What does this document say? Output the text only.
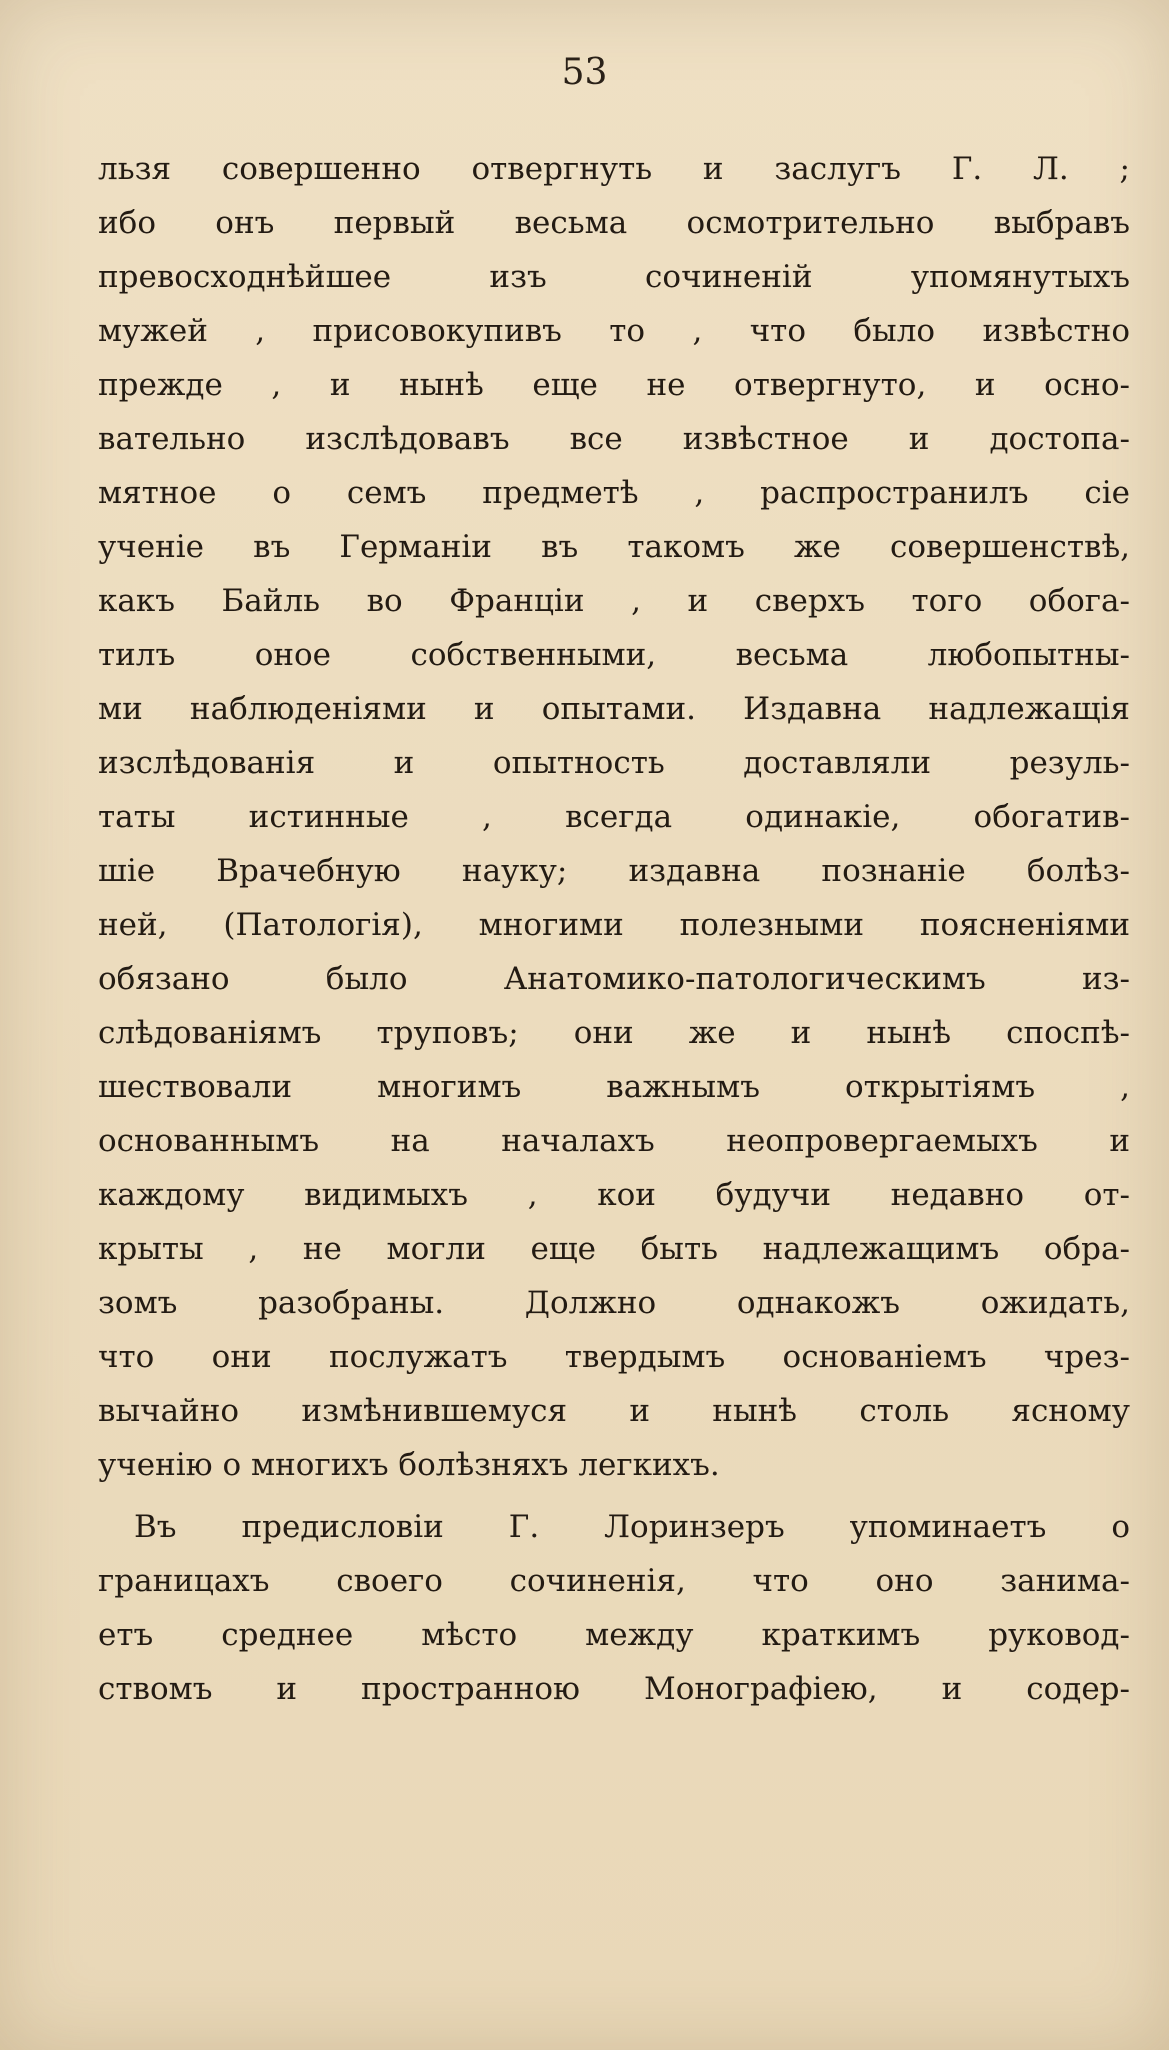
53
льзя совершенно отвергнуть и заслугъ Г. Л. ;
ибо онъ первый весьма осмотрительно выбравъ
превосходнѣйшее изъ сочиненій упомянутыхъ
мужей , присовокупивъ то , что было извѣстно
прежде , и нынѣ еще не отвергнуто, и осно-
вательно изслѣдовавъ все извѣстное и достопа-
мятное о семъ предметѣ , распространилъ сіе
ученіе въ Германіи въ такомъ же совершенствѣ,
какъ Байль во Франціи , и сверхъ того обога-
тилъ оное собственными, весьма любопытны-
ми наблюденіями и опытами. Издавна надлежащія
изслѣдованія и опытность доставляли резуль-
таты истинные , всегда одинакіе, обогатив-
шіе Врачебную науку; издавна познаніе болѣз-
ней, (Патологія), многими полезными поясненіями
обязано было Анатомико-патологическимъ из-
слѣдованіямъ труповъ; они же и нынѣ споспѣ-
шествовали многимъ важнымъ открытіямъ ,
основаннымъ на началахъ неопровергаемыхъ и
каждому видимыхъ , кои будучи недавно от-
крыты , не могли еще быть надлежащимъ обра-
зомъ разобраны. Должно однакожъ ожидать,
что они послужатъ твердымъ основаніемъ чрез-
вычайно измѣнившемуся и нынѣ столь ясному
ученію о многихъ болѣзняхъ легкихъ.
Въ предисловіи Г. Лоринзеръ упоминаетъ о
границахъ своего сочиненія, что оно занима-
етъ среднее мѣсто между краткимъ руковод-
ствомъ и пространною Монографіею, и содер-
